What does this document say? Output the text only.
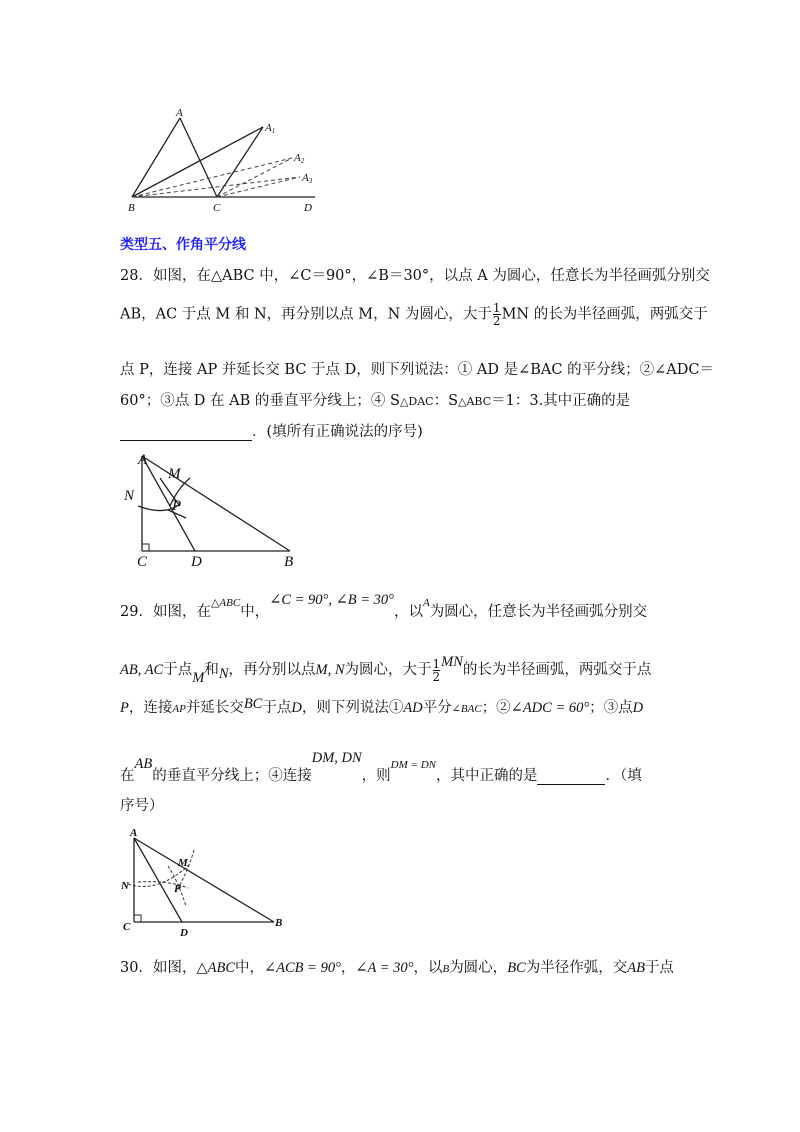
A
A1
A2
A3
B	C	D
类型五、作角平分线
28．如图，在△ABC 中，∠C＝90°，∠B＝30°，以点 A 为圆心，任意长为半径画弧分别交
AB，AC 于点 M 和 N，再分别以点 M，N 为圆心，大于 $\frac{1}{2}$ MN 的长为半径画弧，两弧交于
点 P，连接 AP 并延长交 BC 于点 D，则下列说法：① AD 是∠BAC 的平分线；②∠ADC＝
60°；③点 D 在 AB 的垂直平分线上；④ S△DAC：S△ABC＝1：3.其中正确的是
．(填所有正确说法的序号)
A
M
N
P
C	D	B
29．如图，在$^{\triangle ABC}$中，∠C = 90°, ∠B = 30°，以$^A$为圆心，任意长为半径画弧分别交
AB, AC于点M和N，再分别以点M, N为圆心，大于 $\frac{1}{2}$ MN的长为半径画弧，两弧交于点
P，连接AP并延长交BC于点D，则下列说法①AD平分∠BAC；②∠ADC = 60°；③点D
在AB的垂直平分线上；④连接DM, DN，则$^{DM = DN}$，其中正确的是	．（填
序号）
A
M
N	P
C	D
B
30．如图，△ABC中，∠ACB = 90°，∠A = 30°，以B为圆心，BC为半径作弧，交AB于点
